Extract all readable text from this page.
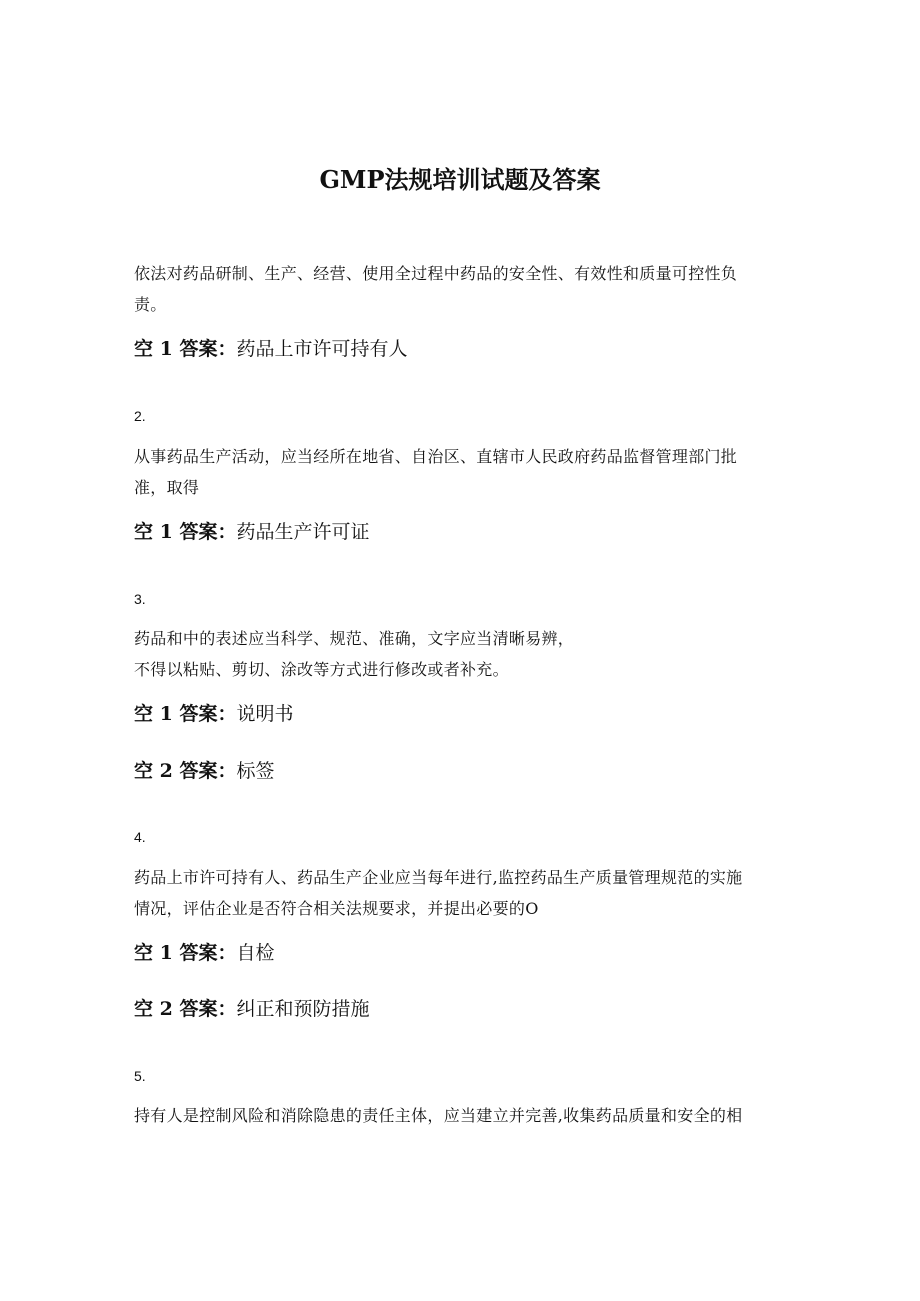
GMP法规培训试题及答案
依法对药品研制、生产、经营、使用全过程中药品的安全性、有效性和质量可控性负
责。
空 1 答案：药品上市许可持有人
2.
从事药品生产活动，应当经所在地省、自治区、直辖市人民政府药品监督管理部门批
准，取得
空 1 答案：药品生产许可证
3.
药品和中的表述应当科学、规范、准确，文字应当清晰易辨，
不得以粘贴、剪切、涂改等方式进行修改或者补充。
空 1 答案：说明书
空 2 答案：标签
4.
药品上市许可持有人、药品生产企业应当每年进行,监控药品生产质量管理规范的实施
情况，评估企业是否符合相关法规要求，并提出必要的O
空 1 答案：自检
空 2 答案：纠正和预防措施
5.
持有人是控制风险和消除隐患的责任主体，应当建立并完善,收集药品质量和安全的相
